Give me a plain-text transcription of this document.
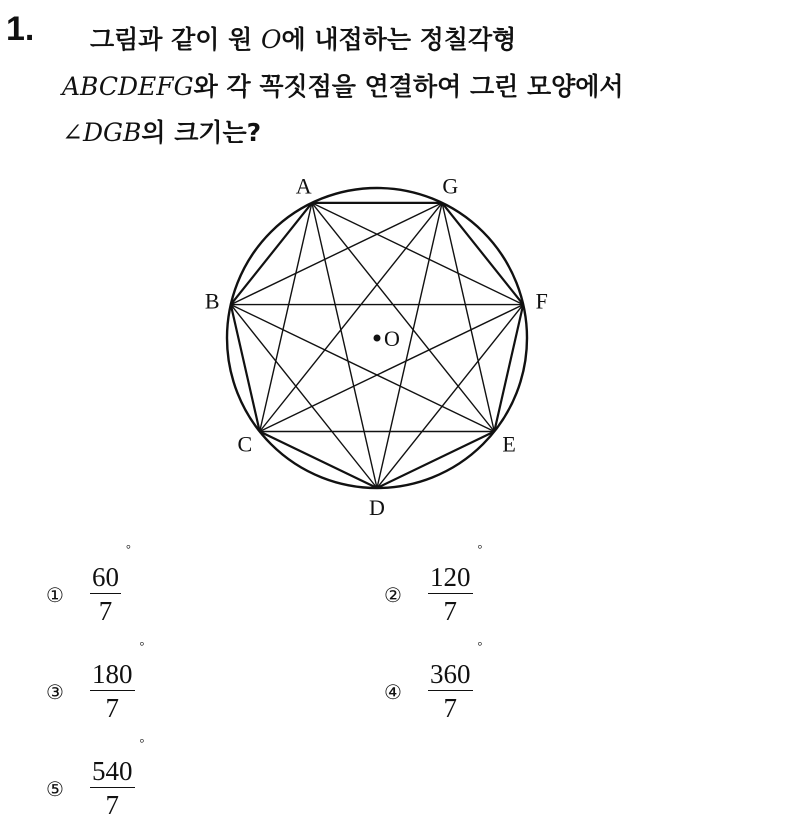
1. 그림과 같이 원 O에 내접하는 정칠각형
ABCDEFG와 각 꼭짓점을 연결하여 그린 모양에서
∠DGB의 크기는?
A	G
F
E
D
C
B
O
① $\frac{60}{7}$
°
② $\frac{120}{7}$
°
③ $\frac{180}{7}$
°
④ $\frac{360}{7}$
°
⑤ $\frac{540}{7}$
°
